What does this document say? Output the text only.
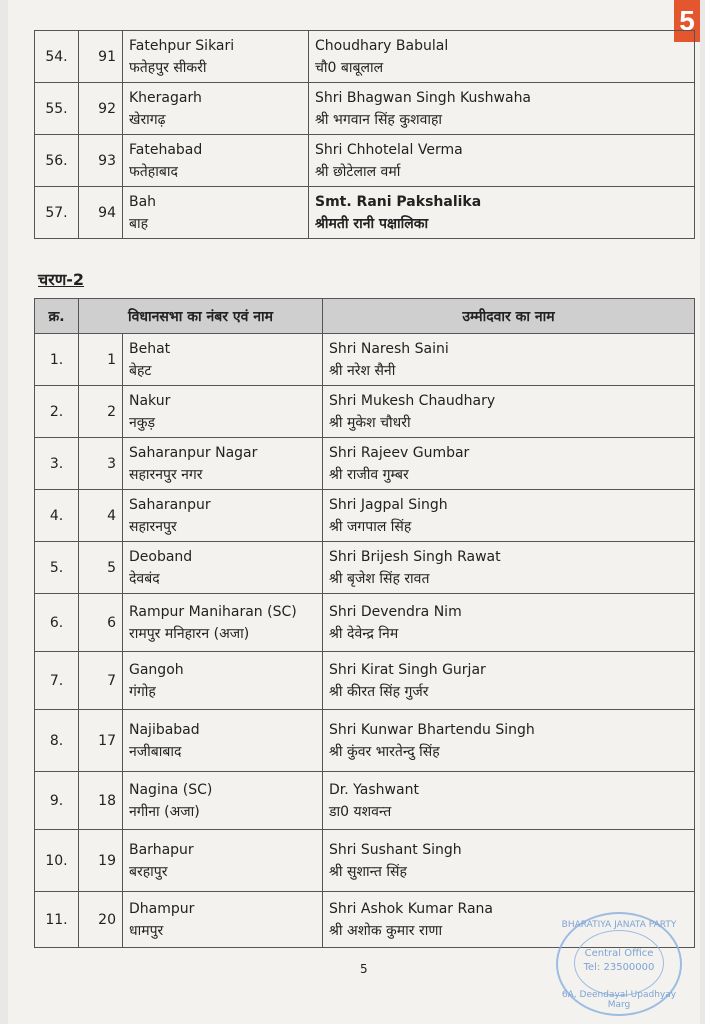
5
54.	91	Fatehpur Sikari
फतेहपुर सीकरी	Choudhary Babulal
चौ0 बाबूलाल

55.	92	Kheragarh
खेरागढ़	Shri Bhagwan Singh Kushwaha
श्री भगवान सिंह कुशवाहा

56.	93	Fatehabad
फतेहाबाद	Shri Chhotelal Verma
श्री छोटेलाल वर्मा

57.	94	Bah
बाह	Smt. Rani Pakshalika
श्रीमती रानी पक्षालिका
चरण-2
क्र.	विधानसभा का नंबर एवं नाम		उम्मीदवार का नाम
1.	1	Behat
बेहट	Shri Naresh Saini
श्री नरेश सैनी

2.	2	Nakur
नकुड़	Shri Mukesh Chaudhary
श्री मुकेश चौधरी

3.	3	Saharanpur Nagar
सहारनपुर नगर	Shri Rajeev Gumbar
श्री राजीव गुम्बर

4.	4	Saharanpur
सहारनपुर	Shri Jagpal Singh
श्री जगपाल सिंह

5.	5	Deoband
देवबंद	Shri Brijesh Singh Rawat
श्री बृजेश सिंह रावत

6.	6	Rampur Maniharan (SC)
रामपुर मनिहारन (अजा)	Shri Devendra Nim
श्री देवेन्द्र निम

7.	7	Gangoh
गंगोह	Shri Kirat Singh Gurjar
श्री कीरत सिंह गुर्जर

8.	17	Najibabad
नजीबाबाद	Shri Kunwar Bhartendu Singh
श्री कुंवर भारतेन्दु सिंह

9.	18	Nagina (SC)
नगीना (अजा)	Dr. Yashwant
डा0 यशवन्त

10.	19	Barhapur
बरहापुर	Shri Sushant Singh
श्री सुशान्त सिंह

11.	20	Dhampur
धामपुर	Shri Ashok Kumar Rana
श्री अशोक कुमार राणा
5
BHARATIYA JANATA PARTY
Central Office
Tel: 23500000
6A, Deendayal Upadhyay Marg
